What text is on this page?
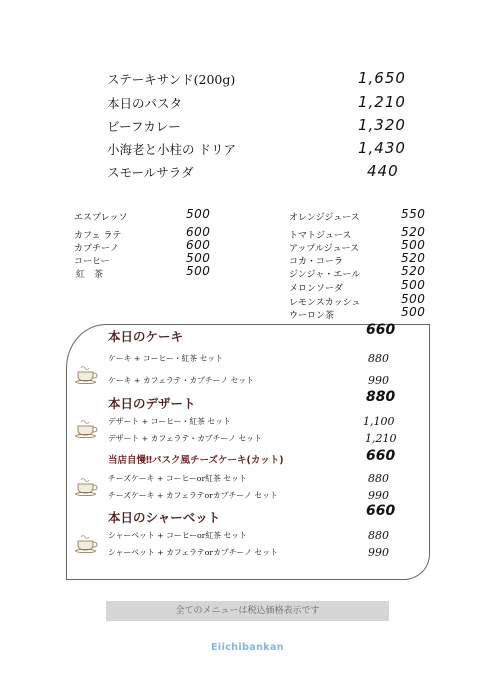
ステーキサンド(200g)	1,650
本日のパスタ	1,210
ビーフカレー	1,320
小海老と小柱の ドリア	1,430
スモールサラダ	440
エスプレッソ	500
カフェ ラテ	600
カプチーノ	600
コーヒー	500
紅　茶	500
オレンジジュース	550
トマトジュース	520
アップルジュース	500
コカ・コーラ	520
ジンジャ・エール	520
メロンソーダ	500
レモンスカッシュ	500
ウーロン茶	500
本日のケーキ	660
ケーキ + コーヒー・紅茶 セット	880
ケーキ + カフェラテ・カプチーノ セット	990
本日のデザート	880
デザート + コーヒー・紅茶 セット	1,100
デザート + カフェラテ・カプチーノ セット	1,210
当店自慢‼バスク風チーズケーキ(カット)	660
チーズケーキ + コーヒーor紅茶 セット	880
チーズケーキ + カフェラテorカプチーノ セット	990
本日のシャーベット	660
シャーベット + コーヒーor紅茶 セット	880
シャーベット + カフェラテorカプチーノ セット	990
全てのメニューは税込価格表示です
Eiichibankan
